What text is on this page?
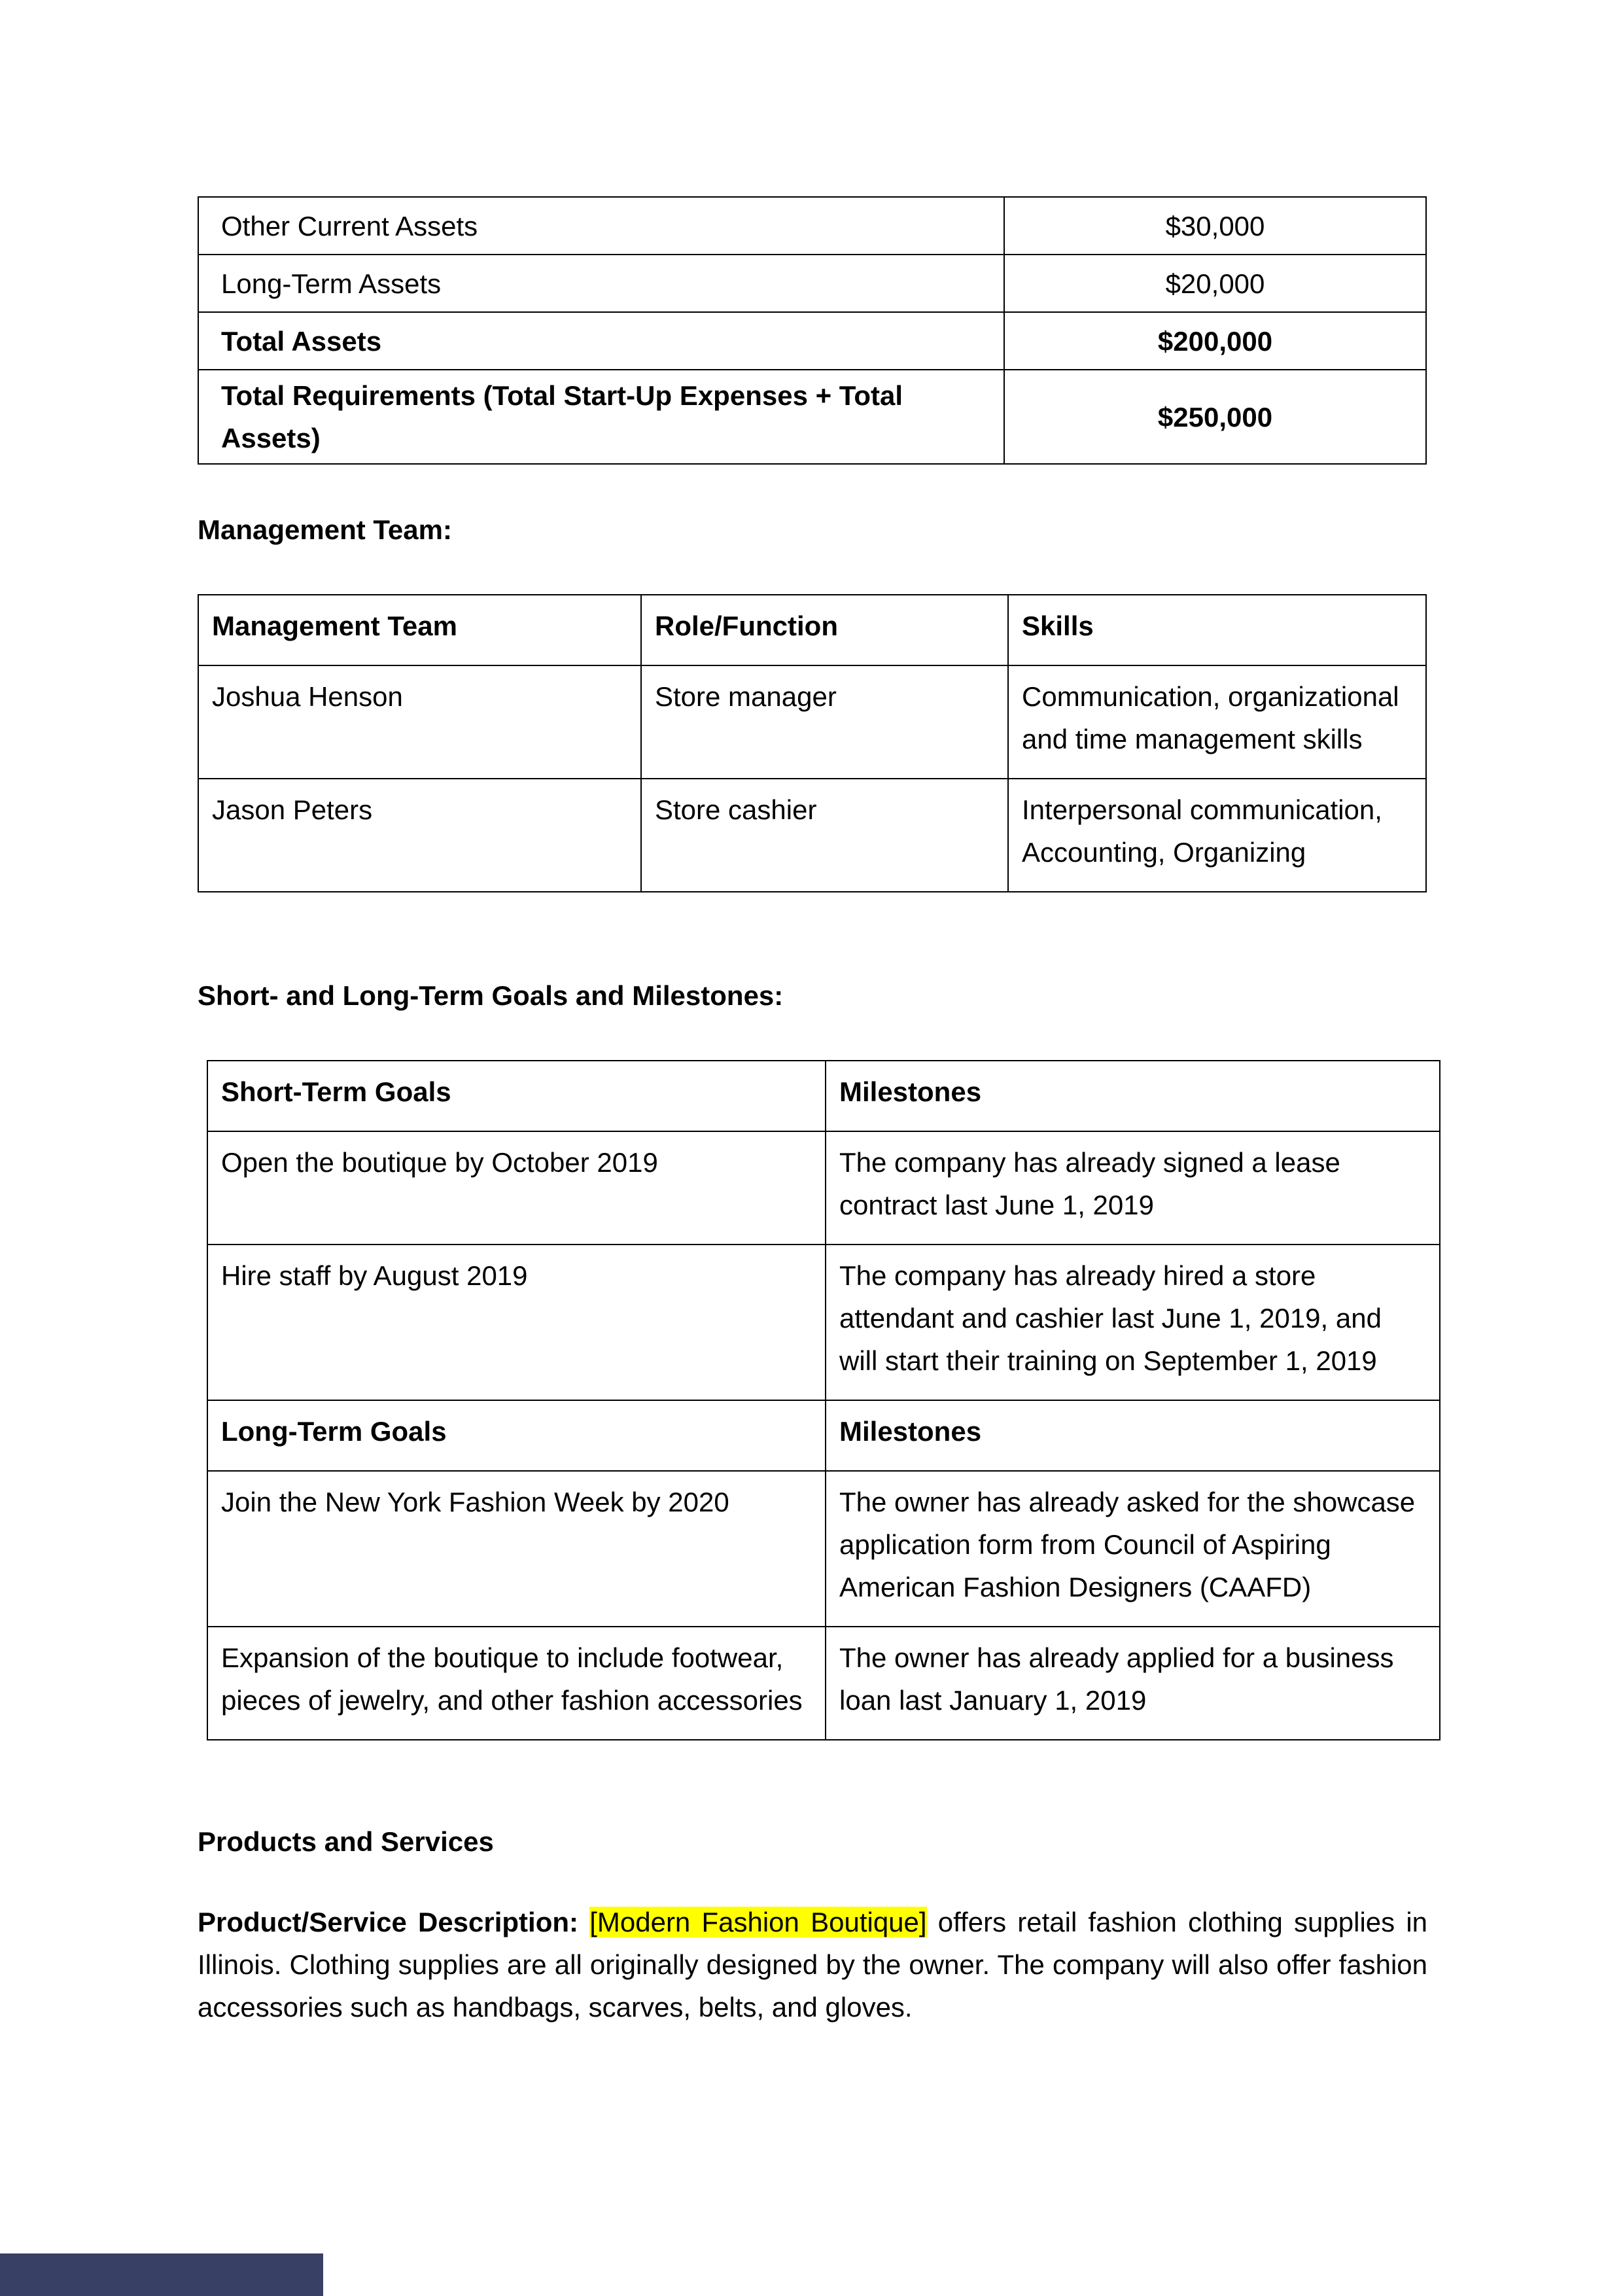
Other Current Assets	$30,000
Long-Term Assets	$20,000
Total Assets	$200,000
Total Requirements (Total Start-Up Expenses + Total Assets)	$250,000
Management Team:
Management Team	Role/Function	Skills
Joshua Henson	Store manager	Communication, organizational and time management skills
Jason Peters	Store cashier	Interpersonal communication, Accounting, Organizing
Short- and Long-Term Goals and Milestones:
Short-Term Goals	Milestones
Open the boutique by October 2019	The company has already signed a lease contract last June 1, 2019
Hire staff by August 2019	The company has already hired a store attendant and cashier last June 1, 2019, and will start their training on September 1, 2019
Long-Term Goals	Milestones
Join the New York Fashion Week by 2020	The owner has already asked for the showcase application form from Council of Aspiring American Fashion Designers (CAAFD)
Expansion of the boutique to include footwear, pieces of jewelry, and other fashion accessories	The owner has already applied for a business loan last January 1, 2019
Products and Services
Product/Service Description: [Modern Fashion Boutique] offers retail fashion clothing supplies in Illinois. Clothing supplies are all originally designed by the owner. The company will also offer fashion accessories such as handbags, scarves, belts, and gloves.
